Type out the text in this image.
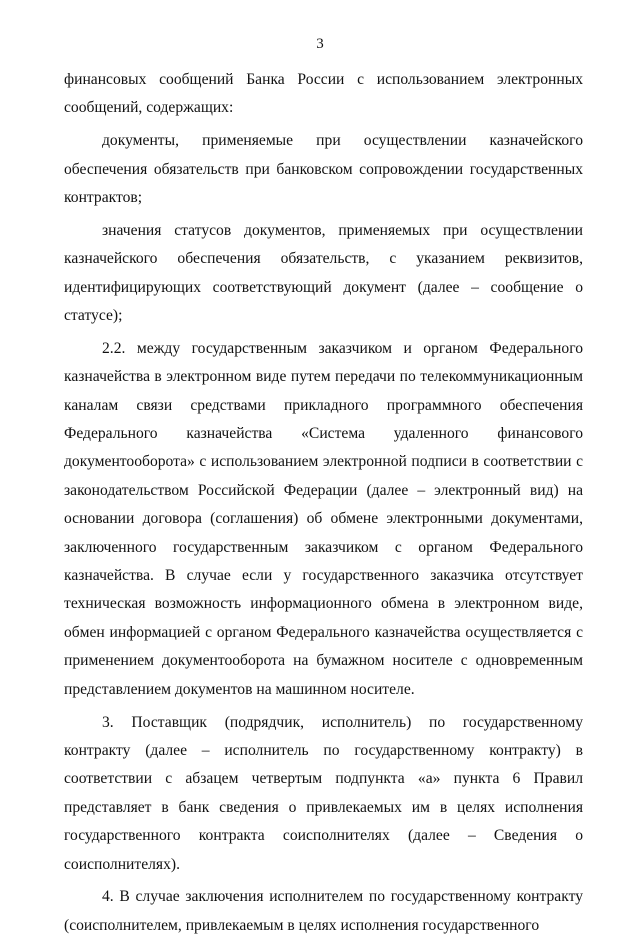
3

финансовых сообщений Банка России с использованием электронных сообщений, содержащих:

документы, применяемые при осуществлении казначейского обеспечения обязательств при банковском сопровождении государственных контрактов;

значения статусов документов, применяемых при осуществлении казначейского обеспечения обязательств, с указанием реквизитов, идентифицирующих соответствующий документ (далее – сообщение о статусе);

2.2. между государственным заказчиком и органом Федерального казначейства в электронном виде путем передачи по телекоммуникационным каналам связи средствами прикладного программного обеспечения Федерального казначейства «Система удаленного финансового документооборота» с использованием электронной подписи в соответствии с законодательством Российской Федерации (далее – электронный вид) на основании договора (соглашения) об обмене электронными документами, заключенного государственным заказчиком с органом Федерального казначейства. В случае если у государственного заказчика отсутствует техническая возможность информационного обмена в электронном виде, обмен информацией с органом Федерального казначейства осуществляется с применением документооборота на бумажном носителе с одновременным представлением документов на машинном носителе.

3. Поставщик (подрядчик, исполнитель) по государственному контракту (далее – исполнитель по государственному контракту) в соответствии с абзацем четвертым подпункта «а» пункта 6 Правил представляет в банк сведения о привлекаемых им в целях исполнения государственного контракта соисполнителях (далее – Сведения о соисполнителях).

4. В случае заключения исполнителем по государственному контракту (соисполнителем, привлекаемым в целях исполнения государственного
